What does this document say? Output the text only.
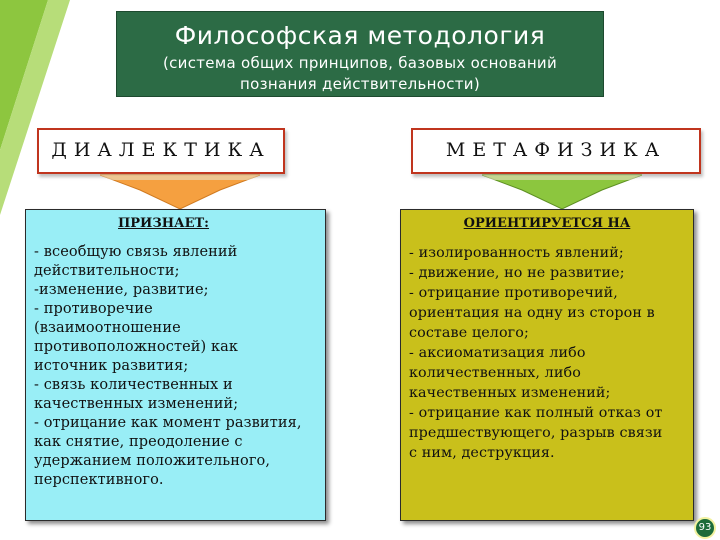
Философская методология
(система общих принципов, базовых оснований
познания действительности)
ДИАЛЕКТИКА	МЕТАФИЗИКА
ПРИЗНАЕТ:
- всеобщую связь явлений
действительности;
-изменение, развитие;
- противоречие
(взаимоотношение
противоположностей) как
источник развития;
- связь количественных и
качественных изменений;
- отрицание как момент развития,
как снятие, преодоление с
удержанием положительного,
перспективного.
ОРИЕНТИРУЕТСЯ НА
- изолированность явлений;
- движение, но не развитие;
- отрицание противоречий,
ориентация на одну из сторон в
составе целого;
- аксиоматизация либо
количественных, либо
качественных изменений;
- отрицание как полный отказ от
предшествующего, разрыв связи
с ним, деструкция.
93
